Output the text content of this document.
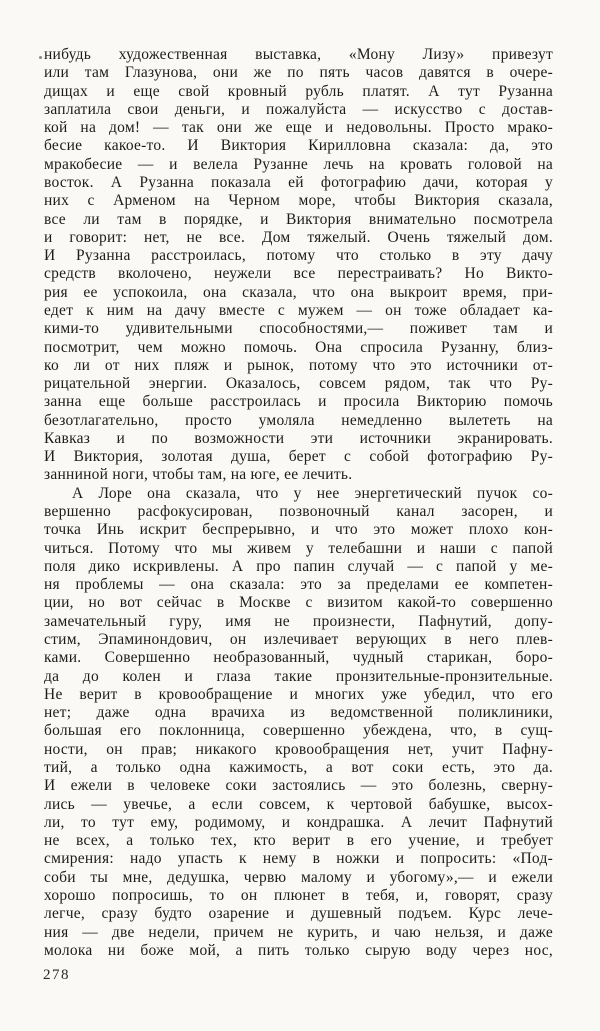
нибудь художественная выставка, «Мону Лизу» привезут
или там Глазунова, они же по пять часов давятся в очере-
дищах и еще свой кровный рубль платят. А тут Рузанна
заплатила свои деньги, и пожалуйста — искусство с достав-
кой на дом! — так они же еще и недовольны. Просто мрако-
бесие какое-то. И Виктория Кирилловна сказала: да, это
мракобесие — и велела Рузанне лечь на кровать головой на
восток. А Рузанна показала ей фотографию дачи, которая у
них с Арменом на Черном море, чтобы Виктория сказала,
все ли там в порядке, и Виктория внимательно посмотрела
и говорит: нет, не все. Дом тяжелый. Очень тяжелый дом.
И Рузанна расстроилась, потому что столько в эту дачу
средств вколочено, неужели все перестраивать? Но Викто-
рия ее успокоила, она сказала, что она выкроит время, при-
едет к ним на дачу вместе с мужем — он тоже обладает ка-
кими-то удивительными способностями,— поживет там и
посмотрит, чем можно помочь. Она спросила Рузанну, близ-
ко ли от них пляж и рынок, потому что это источники от-
рицательной энергии. Оказалось, совсем рядом, так что Ру-
занна еще больше расстроилась и просила Викторию помочь
безотлагательно, просто умоляла немедленно вылететь на
Кавказ и по возможности эти источники экранировать.
И Виктория, золотая душа, берет с собой фотографию Ру-
занниной ноги, чтобы там, на юге, ее лечить.
А Лоре она сказала, что у нее энергетический пучок со-
вершенно расфокусирован, позвоночный канал засорен, и
точка Инь искрит беспрерывно, и что это может плохо кон-
читься. Потому что мы живем у телебашни и наши с папой
поля дико искривлены. А про папин случай — с папой у ме-
ня проблемы — она сказала: это за пределами ее компетен-
ции, но вот сейчас в Москве с визитом какой-то совершенно
замечательный гуру, имя не произнести, Пафнутий, допу-
стим, Эпаминондович, он излечивает верующих в него плев-
ками. Совершенно необразованный, чудный старикан, боро-
да до колен и глаза такие пронзительные-пронзительные.
Не верит в кровообращение и многих уже убедил, что его
нет; даже одна врачиха из ведомственной поликлиники,
большая его поклонница, совершенно убеждена, что, в сущ-
ности, он прав; никакого кровообращения нет, учит Пафну-
тий, а только одна кажимость, а вот соки есть, это да.
И ежели в человеке соки застоялись — это болезнь, сверну-
лись — увечье, а если совсем, к чертовой бабушке, высох-
ли, то тут ему, родимому, и кондрашка. А лечит Пафнутий
не всех, а только тех, кто верит в его учение, и требует
смирения: надо упасть к нему в ножки и попросить: «Под-
соби ты мне, дедушка, червю малому и убогому»,— и ежели
хорошо попросишь, то он плюнет в тебя, и, говорят, сразу
легче, сразу будто озарение и душевный подъем. Курс лече-
ния — две недели, причем не курить, и чаю нельзя, и даже
молока ни боже мой, а пить только сырую воду через нос,
278
